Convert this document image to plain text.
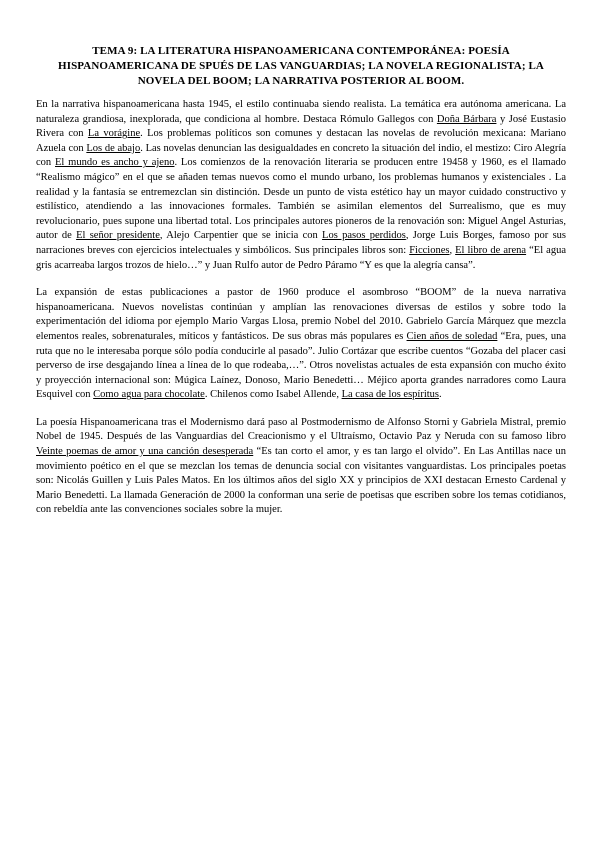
TEMA 9: LA LITERATURA HISPANOAMERICANA CONTEMPORÁNEA: POESÍA HISPANOAMERICANA DE SPUÉS DE LAS VANGUARDIAS; LA NOVELA REGIONALISTA; LA NOVELA DEL BOOM; LA NARRATIVA POSTERIOR AL BOOM.

En la narrativa hispanoamericana hasta 1945, el estilo continuaba siendo realista. La temática era autónoma americana. La naturaleza grandiosa, inexplorada, que condiciona al hombre. Destaca Rómulo Gallegos con Doña Bárbara y José Eustasio Rivera con La vorágine. Los problemas políticos son comunes y destacan las novelas de revolución mexicana: Mariano Azuela con Los de abajo. Las novelas denuncian las desigualdades en concreto la situación del indio, el mestizo: Ciro Alegría con El mundo es ancho y ajeno. Los comienzos de la renovación literaria se producen entre 19458 y 1960, es el llamado “Realismo mágico” en el que se añaden temas nuevos como el mundo urbano, los problemas humanos y existenciales . La realidad y la fantasía se entremezclan sin distinción. Desde un punto de vista estético hay un mayor cuidado constructivo y estilístico, atendiendo a las innovaciones formales. También se asimilan elementos del Surrealismo, que es muy revolucionario, pues supone una libertad total. Los principales autores pioneros de la renovación son: Miguel Angel Asturias, autor de El señor presidente, Alejo Carpentier que se inicia con Los pasos perdidos, Jorge Luis Borges, famoso por sus narraciones breves con ejercicios intelectuales y simbólicos. Sus principales libros son: Ficciones, El libro de arena “El agua gris acarreaba largos trozos de hielo…” y Juan Rulfo autor de Pedro Páramo “Y es que la alegría cansa”.

La expansión de estas publicaciones a pastor de 1960 produce el asombroso “BOOM” de la nueva narrativa hispanoamericana. Nuevos novelistas continúan y amplían las renovaciones diversas de estilos y sobre todo la experimentación del idioma por ejemplo Mario Vargas Llosa, premio Nobel del 2010. Gabrielo García Márquez que mezcla elementos reales, sobrenaturales, míticos y fantásticos. De sus obras más populares es Cien años de soledad “Era, pues, una ruta que no le interesaba porque sólo podía conducirle al pasado”. Julio Cortázar que escribe cuentos “Gozaba del placer casi perverso de irse desgajando línea a línea de lo que rodeaba,…”. Otros novelistas actuales de esta expansión con mucho éxito y proyección internacional son: Múgica Laínez, Donoso, Mario Benedetti… Méjico aporta grandes narradores como Laura Esquivel con Como agua para chocolate. Chilenos como Isabel Allende, La casa de los espíritus.

La poesía Hispanoamericana tras el Modernismo dará paso al Postmodernismo de Alfonso Storni y Gabriela Mistral, premio Nobel de 1945. Después de las Vanguardias del Creacionismo y el Ultraísmo, Octavio Paz y Neruda con su famoso libro Veinte poemas de amor y una canción desesperada “Es tan corto el amor, y es tan largo el olvido”. En Las Antillas nace un movimiento poético en el que se mezclan los temas de denuncia social con visitantes vanguardistas. Los principales poetas son: Nicolás Guillen y Luis Pales Matos. En los últimos años del siglo XX y principios de XXI destacan Ernesto Cardenal y Mario Benedetti. La llamada Generación de 2000 la conforman una serie de poetisas que escriben sobre los temas cotidianos, con rebeldía ante las convenciones sociales sobre la mujer.
